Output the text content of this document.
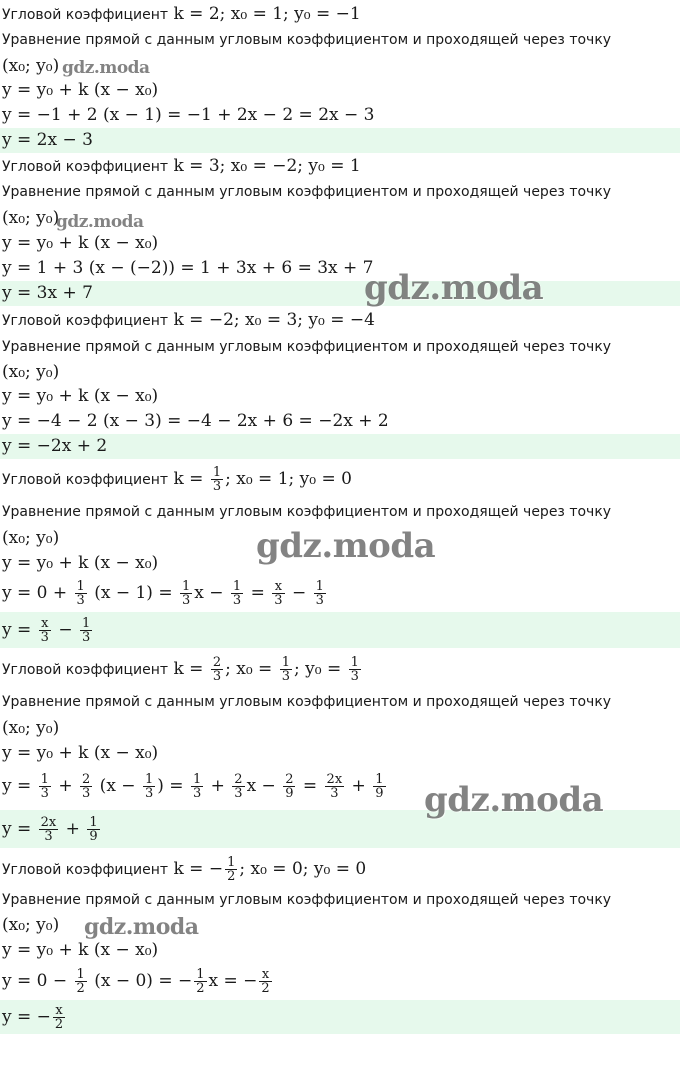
Угловой коэффициент k = 2; x₀ = 1; y₀ = −1
Уравнение прямой с данным угловым коэффициентом и проходящей через точку
(x₀; y₀)
y = y₀ + k (x − x₀)
y = −1 + 2 (x − 1) = −1 + 2x − 2 = 2x − 3
y = 2x − 3
Угловой коэффициент k = 3; x₀ = −2; y₀ = 1
Уравнение прямой с данным угловым коэффициентом и проходящей через точку
(x₀; y₀)
y = y₀ + k (x − x₀)
y = 1 + 3 (x − (−2)) = 1 + 3x + 6 = 3x + 7
y = 3x + 7
Угловой коэффициент k = −2; x₀ = 3; y₀ = −4
Уравнение прямой с данным угловым коэффициентом и проходящей через точку
(x₀; y₀)
y = y₀ + k (x − x₀)
y = −4 − 2 (x − 3) = −4 − 2x + 6 = −2x + 2
y = −2x + 2
Угловой коэффициент $k = \frac{1}{3}$ ; x₀ = 1; y₀ = 0
Уравнение прямой с данным угловым коэффициентом и проходящей через точку
(x₀; y₀)
y = y₀ + k (x − x₀)
$y = 0 + \frac{1}{3} (x - 1) = \frac{1}{3}$ $x - \frac{1}{3} = \frac{x}{3} - \frac{1}{3}$
$y = \frac{x}{3} - \frac{1}{3}$
Угловой коэффициент $k = \frac{2}{3}$ ; $x_0 = \frac{1}{3}$ ; $y_0 = \frac{1}{3}$
Уравнение прямой с данным угловым коэффициентом и проходящей через точку
(x₀; y₀)
y = y₀ + k (x − x₀)
$y = \frac{1}{3} + \frac{2}{3} (x - \frac{1}{3}$ ) = $\frac{1}{3} + \frac{2}{3}$ $x - \frac{2}{9} = \frac{2x}{3} + \frac{1}{9}$
$y = \frac{2x}{3} + \frac{1}{9}$
Угловой коэффициент k = − $\frac{1}{2}$ ; x₀ = 0; y₀ = 0
Уравнение прямой с данным угловым коэффициентом и проходящей через точку
(x₀; y₀)
y = y₀ + k (x − x₀)
$y = 0 - \frac{1}{2} (x - 0)$ = − $\frac{1}{2}$ x = − $\frac{x}{2}$
y = − $\frac{x}{2}$
gdz.moda
gdz.moda
gdz.moda
gdz.moda
gdz.moda
gdz.moda
